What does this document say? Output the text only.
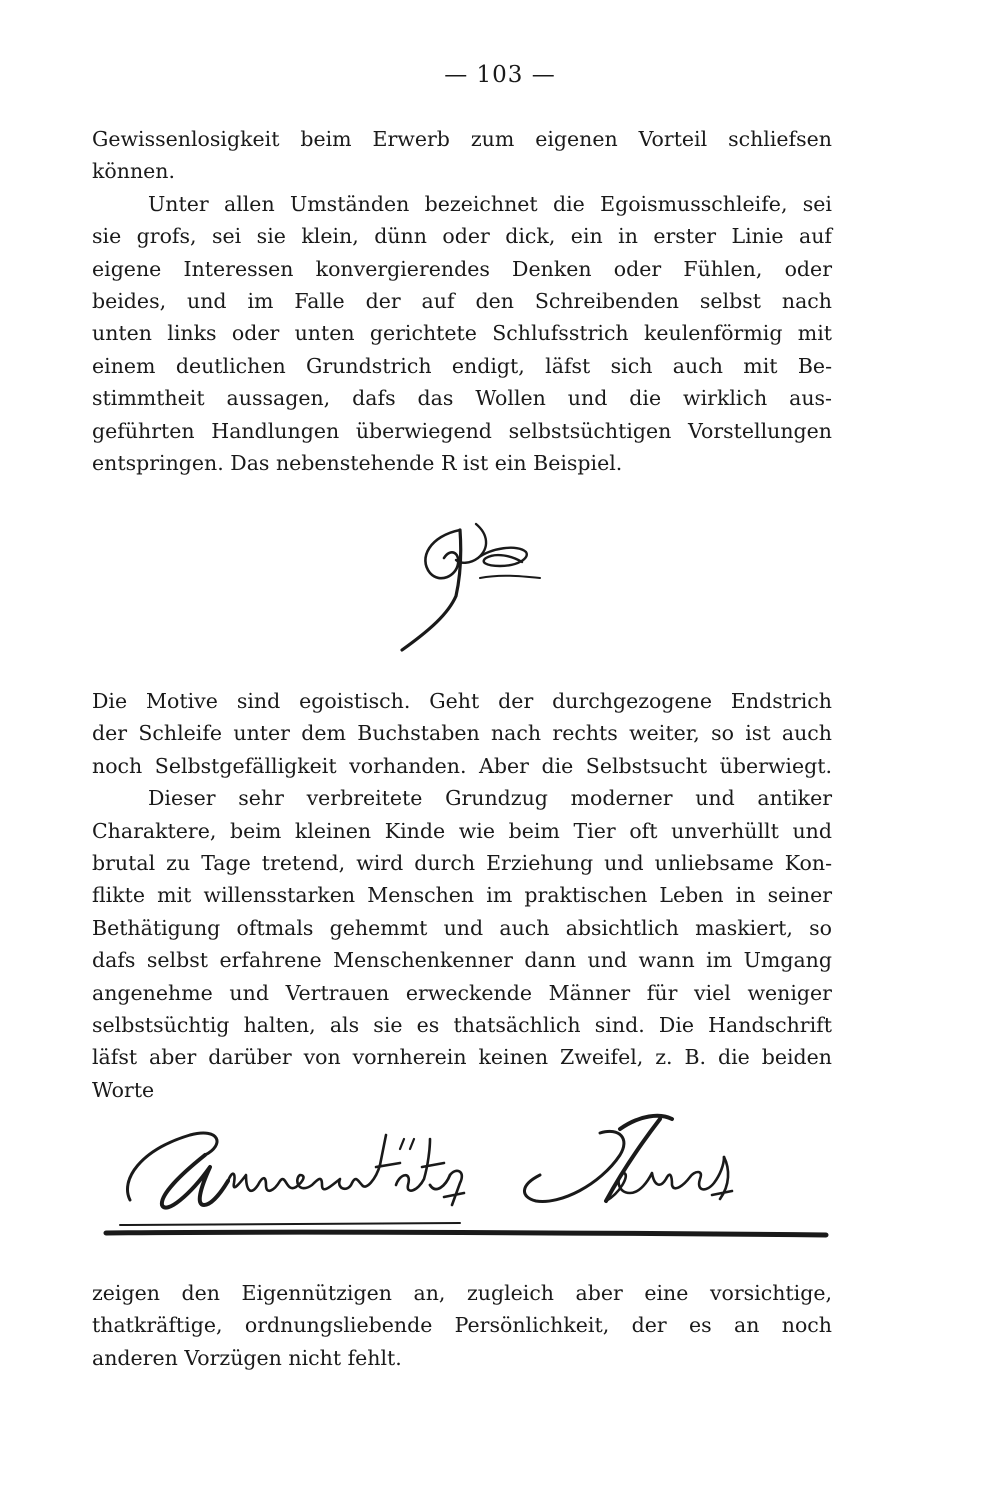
— 103 —
Gewissenlosigkeit beim Erwerb zum eigenen Vorteil schliefsen
können.
Unter allen Umständen bezeichnet die Egoismusschleife, sei
sie grofs, sei sie klein, dünn oder dick, ein in erster Linie auf
eigene Interessen konvergierendes Denken oder Fühlen, oder
beides, und im Falle der auf den Schreibenden selbst nach
unten links oder unten gerichtete Schlufsstrich keulenförmig mit
einem deutlichen Grundstrich endigt, läfst sich auch mit Be-
stimmtheit aussagen, dafs das Wollen und die wirklich aus-
geführten Handlungen überwiegend selbstsüchtigen Vorstellungen
entspringen. Das nebenstehende R ist ein Beispiel.
Die Motive sind egoistisch. Geht der durchgezogene Endstrich
der Schleife unter dem Buchstaben nach rechts weiter, so ist auch
noch Selbstgefälligkeit vorhanden. Aber die Selbstsucht überwiegt.
Dieser sehr verbreitete Grundzug moderner und antiker
Charaktere, beim kleinen Kinde wie beim Tier oft unverhüllt und
brutal zu Tage tretend, wird durch Erziehung und unliebsame Kon-
flikte mit willensstarken Menschen im praktischen Leben in seiner
Bethätigung oftmals gehemmt und auch absichtlich maskiert, so
dafs selbst erfahrene Menschenkenner dann und wann im Umgang
angenehme und Vertrauen erweckende Männer für viel weniger
selbstsüchtig halten, als sie es thatsächlich sind. Die Handschrift
läfst aber darüber von vornherein keinen Zweifel, z. B. die beiden
Worte
zeigen den Eigennützigen an, zugleich aber eine vorsichtige,
thatkräftige, ordnungsliebende Persönlichkeit, der es an noch
anderen Vorzügen nicht fehlt.
